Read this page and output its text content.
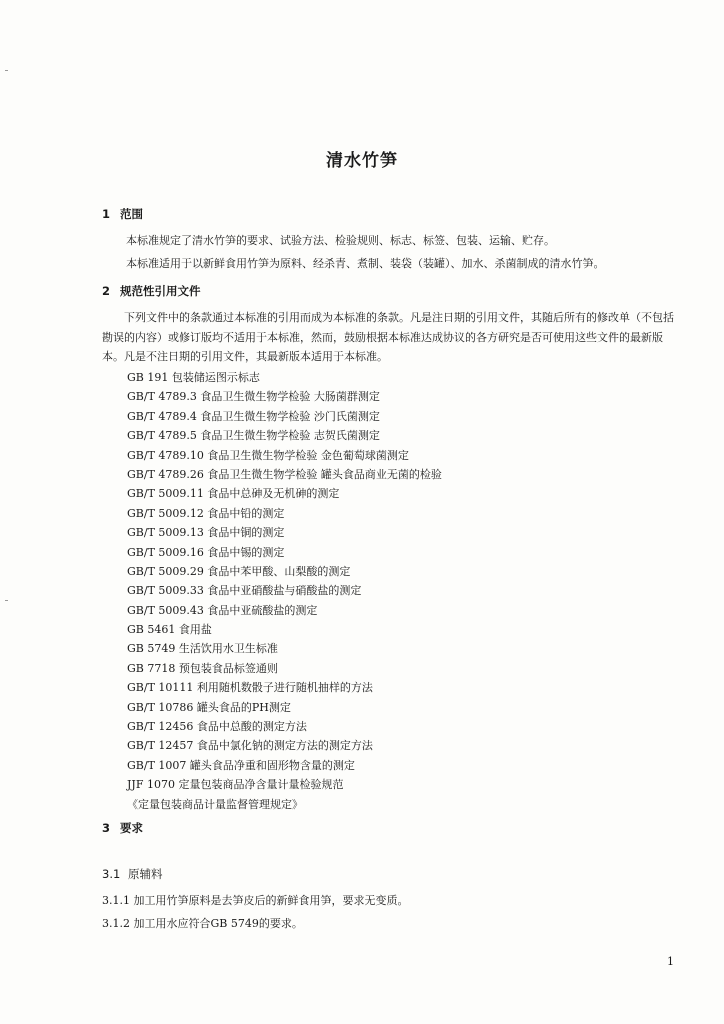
清水竹笋
1 范围
本标准规定了清水竹笋的要求、试验方法、检验规则、标志、标签、包装、运输、贮存。
本标准适用于以新鲜食用竹笋为原料、经杀青、煮制、装袋（装罐）、加水、杀菌制成的清水竹笋。
2 规范性引用文件
下列文件中的条款通过本标准的引用而成为本标准的条款。凡是注日期的引用文件，其随后所有的修改单（不包括勘误的内容）或修订版均不适用于本标准，然而，鼓励根据本标准达成协议的各方研究是否可使用这些文件的最新版本。凡是不注日期的引用文件，其最新版本适用于本标准。
GB 191 包装储运图示标志
GB/T 4789.3 食品卫生微生物学检验 大肠菌群测定
GB/T 4789.4 食品卫生微生物学检验 沙门氏菌测定
GB/T 4789.5 食品卫生微生物学检验 志贺氏菌测定
GB/T 4789.10 食品卫生微生物学检验 金色葡萄球菌测定
GB/T 4789.26 食品卫生微生物学检验 罐头食品商业无菌的检验
GB/T 5009.11 食品中总砷及无机砷的测定
GB/T 5009.12 食品中铅的测定
GB/T 5009.13 食品中铜的测定
GB/T 5009.16 食品中锡的测定
GB/T 5009.29 食品中苯甲酸、山梨酸的测定
GB/T 5009.33 食品中亚硝酸盐与硝酸盐的测定
GB/T 5009.43 食品中亚硫酸盐的测定
GB 5461 食用盐
GB 5749 生活饮用水卫生标准
GB 7718 预包装食品标签通则
GB/T 10111 利用随机数骰子进行随机抽样的方法
GB/T 10786 罐头食品的PH测定
GB/T 12456 食品中总酸的测定方法
GB/T 12457 食品中氯化钠的测定方法的测定方法
GB/T 1007 罐头食品净重和固形物含量的测定
JJF 1070 定量包装商品净含量计量检验规范
《定量包装商品计量监督管理规定》
3 要求
3.1 原辅料
3.1.1 加工用竹笋原料是去笋皮后的新鲜食用笋，要求无变质。
3.1.2 加工用水应符合GB 5749的要求。
1
